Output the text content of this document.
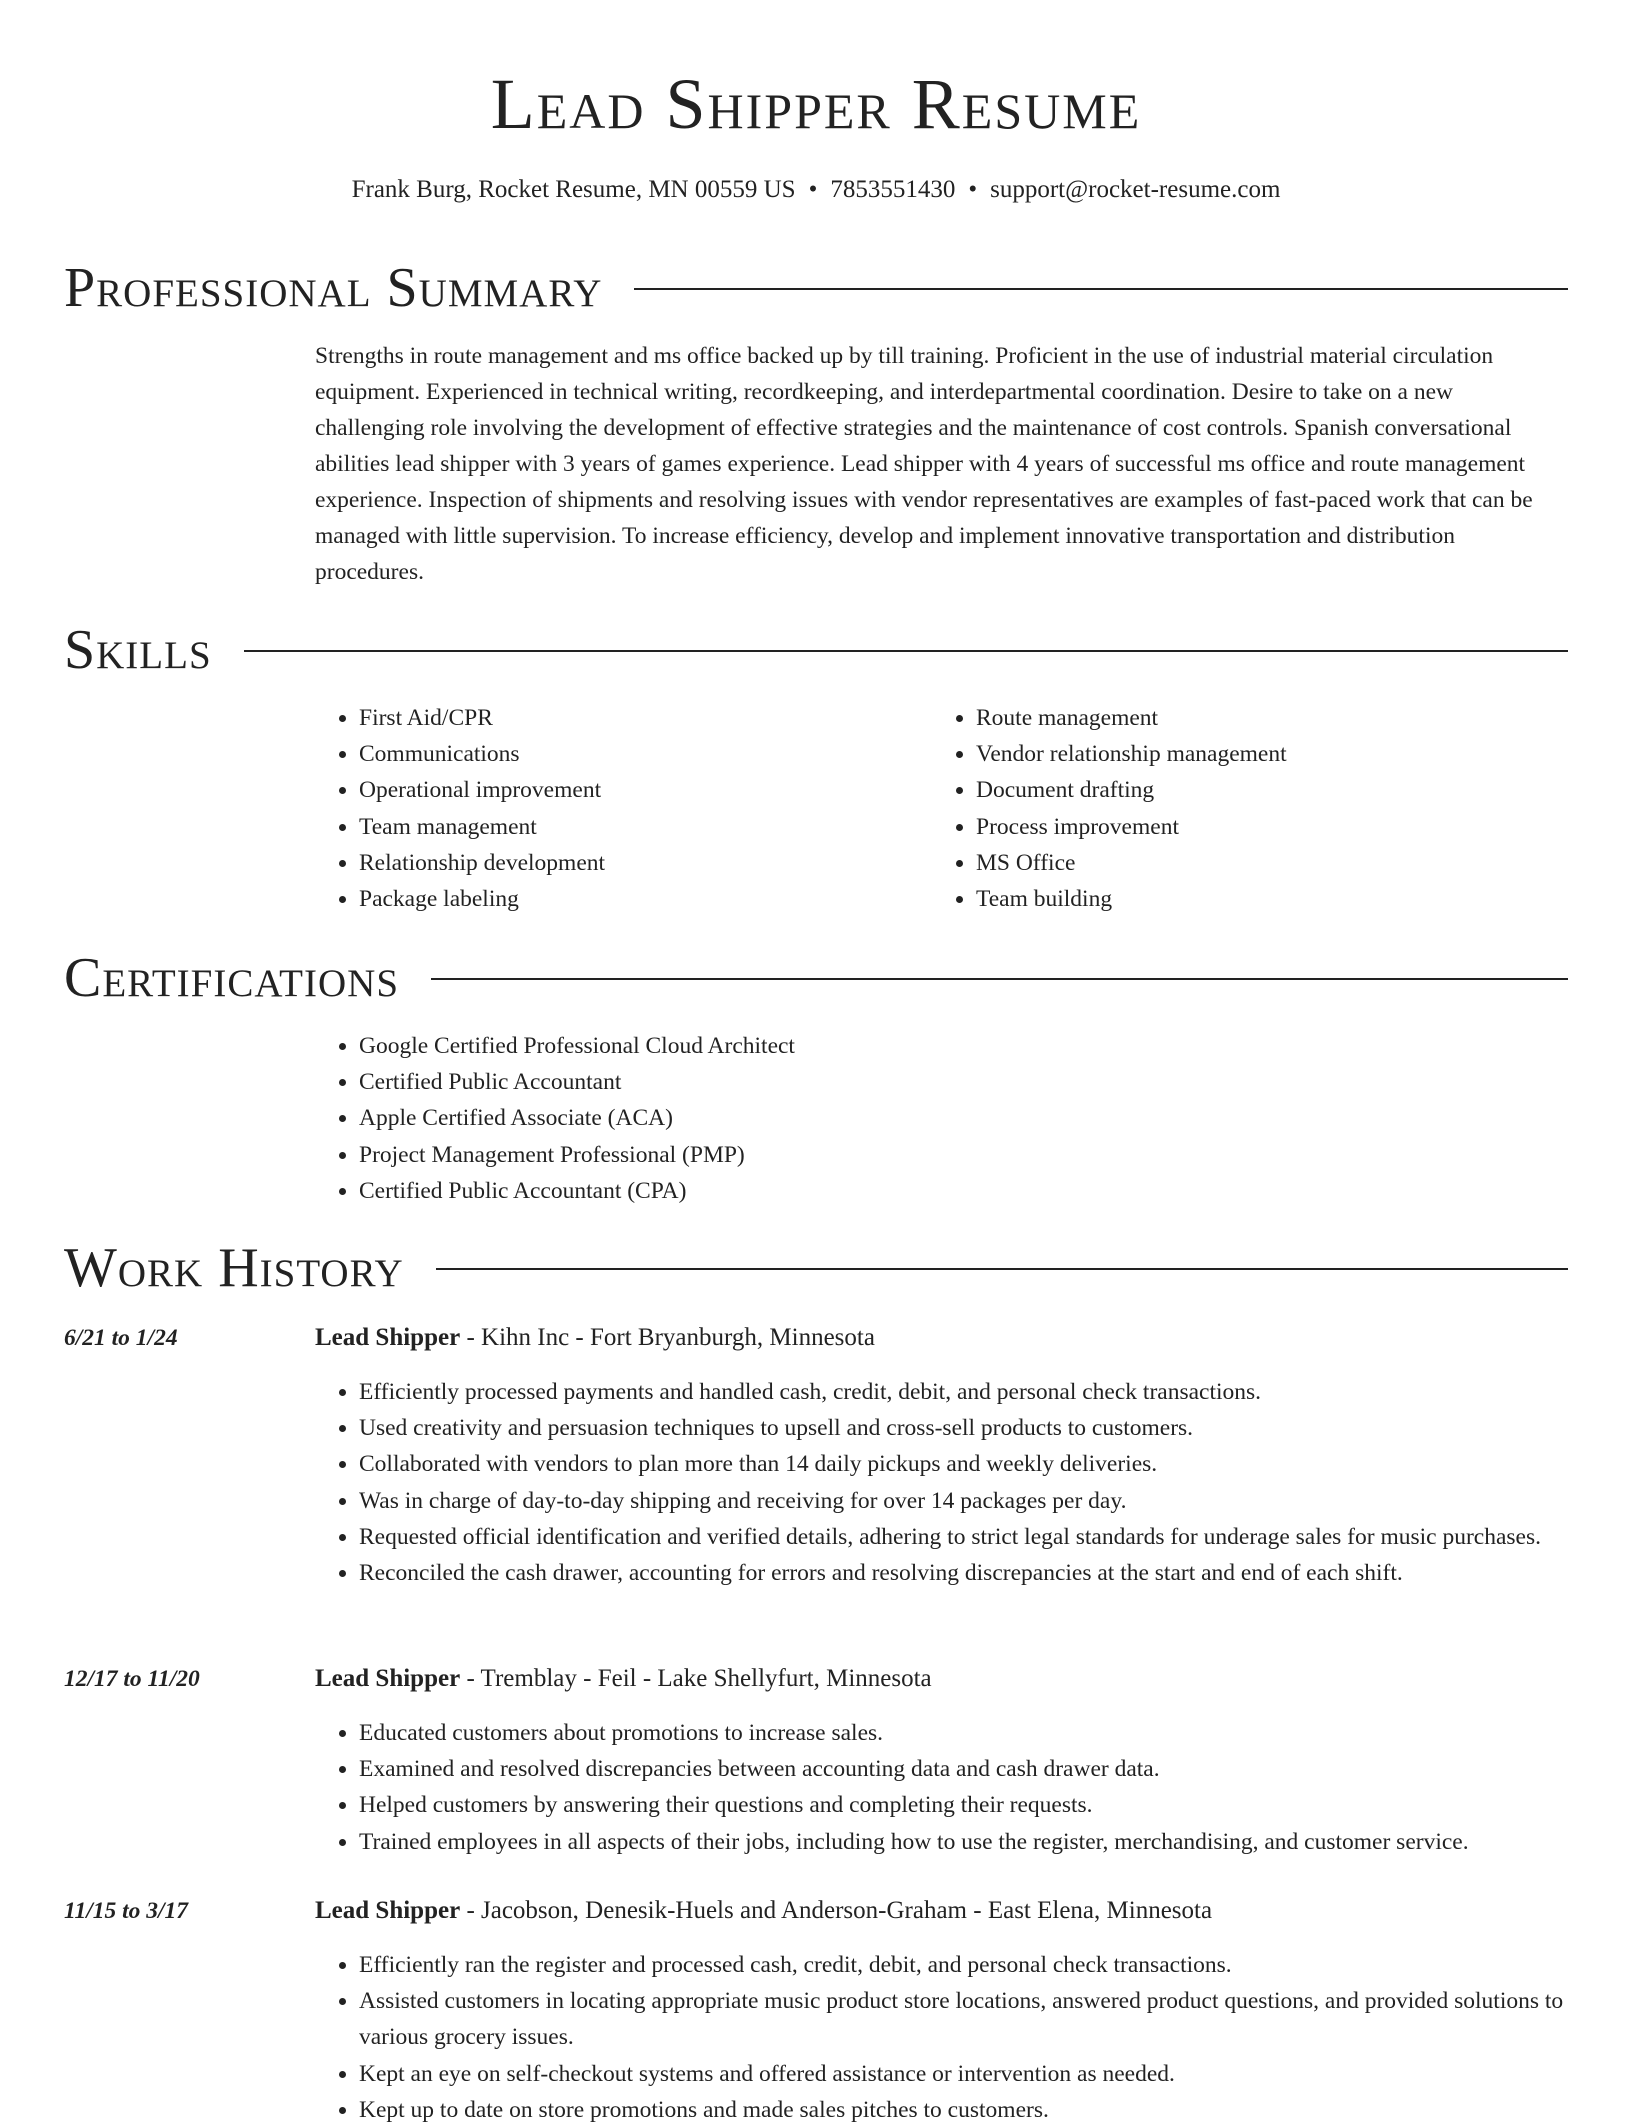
Lead Shipper Resume
Frank Burg, Rocket Resume, MN 00559 US • 7853551430 • support@rocket-resume.com
Professional Summary

Strengths in route management and ms office backed up by till training. Proficient in the use of industrial material circulation equipment. Experienced in technical writing, recordkeeping, and interdepartmental coordination. Desire to take on a new challenging role involving the development of effective strategies and the maintenance of cost controls. Spanish conversational abilities lead shipper with 3 years of games experience. Lead shipper with 4 years of successful ms office and route management experience. Inspection of shipments and resolving issues with vendor representatives are examples of fast-paced work that can be managed with little supervision. To increase efficiency, develop and implement innovative transportation and distribution procedures.

Skills
• First Aid/CPR
• Communications
• Operational improvement
• Team management
• Relationship development
• Package labeling
• Route management
• Vendor relationship management
• Document drafting
• Process improvement
• MS Office
• Team building
Certifications
• Google Certified Professional Cloud Architect
• Certified Public Accountant
• Apple Certified Associate (ACA)
• Project Management Professional (PMP)
• Certified Public Accountant (CPA)
Work History
6/21 to 1/24	Lead Shipper - Kihn Inc - Fort Bryanburgh, Minnesota
• Efficiently processed payments and handled cash, credit, debit, and personal check transactions.
• Used creativity and persuasion techniques to upsell and cross-sell products to customers.
• Collaborated with vendors to plan more than 14 daily pickups and weekly deliveries.
• Was in charge of day-to-day shipping and receiving for over 14 packages per day.
• Requested official identification and verified details, adhering to strict legal standards for underage sales for music purchases.
• Reconciled the cash drawer, accounting for errors and resolving discrepancies at the start and end of each shift.
12/17 to 11/20	Lead Shipper - Tremblay - Feil - Lake Shellyfurt, Minnesota
• Educated customers about promotions to increase sales.
• Examined and resolved discrepancies between accounting data and cash drawer data.
• Helped customers by answering their questions and completing their requests.
• Trained employees in all aspects of their jobs, including how to use the register, merchandising, and customer service.
11/15 to 3/17	Lead Shipper - Jacobson, Denesik-Huels and Anderson-Graham - East Elena, Minnesota
• Efficiently ran the register and processed cash, credit, debit, and personal check transactions.
• Assisted customers in locating appropriate music product store locations, answered product questions, and provided solutions to various grocery issues.
• Kept an eye on self-checkout systems and offered assistance or intervention as needed.
• Kept up to date on store promotions and made sales pitches to customers.
